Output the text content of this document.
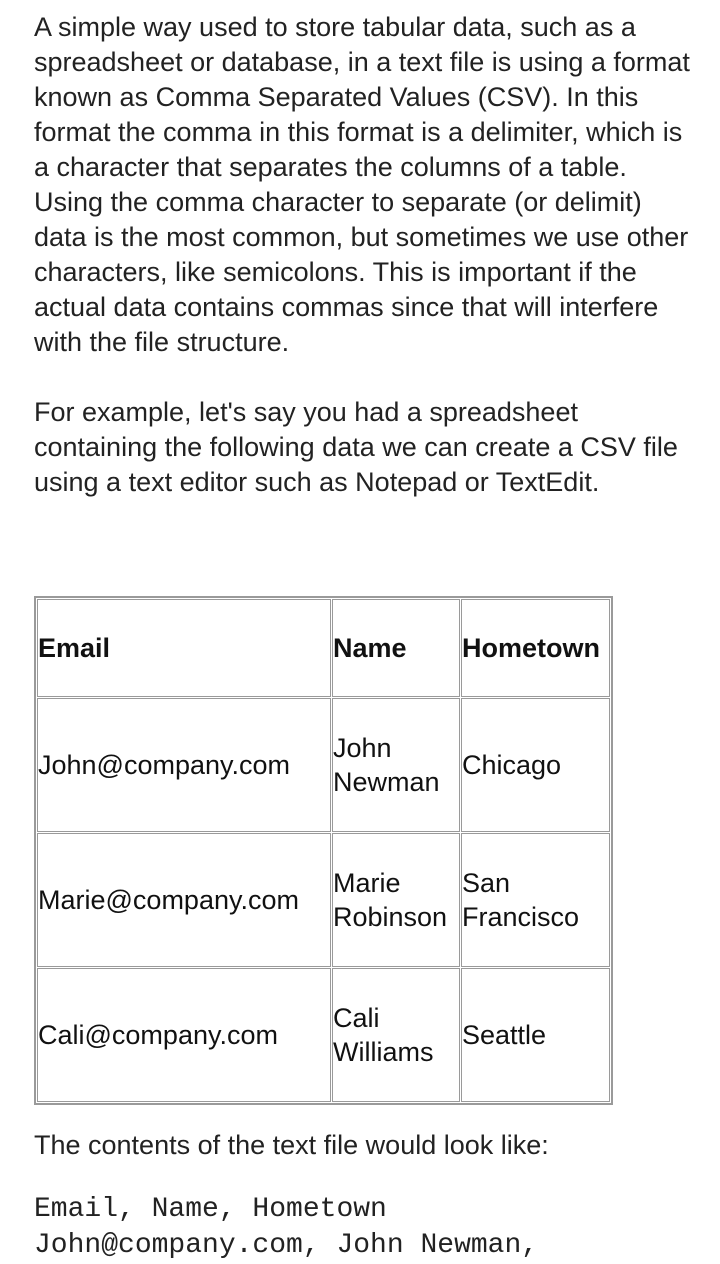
A simple way used to store tabular data, such as a spreadsheet or database, in a text file is using a format known as Comma Separated Values (CSV). In this format the comma in this format is a delimiter, which is a character that separates the columns of a table. Using the comma character to separate (or delimit) data is the most common, but sometimes we use other characters, like semicolons. This is important if the actual data contains commas since that will interfere with the file structure.

For example, let's say you had a spreadsheet containing the following data we can create a CSV file using a text editor such as Notepad or TextEdit.

Email	Name	Hometown
John@company.com	John Newman	Chicago
Marie@company.com	Marie Robinson	San Francisco
Cali@company.com	Cali Williams	Seattle

The contents of the text file would look like:

Email, Name, Hometown
John@company.com, John Newman,
